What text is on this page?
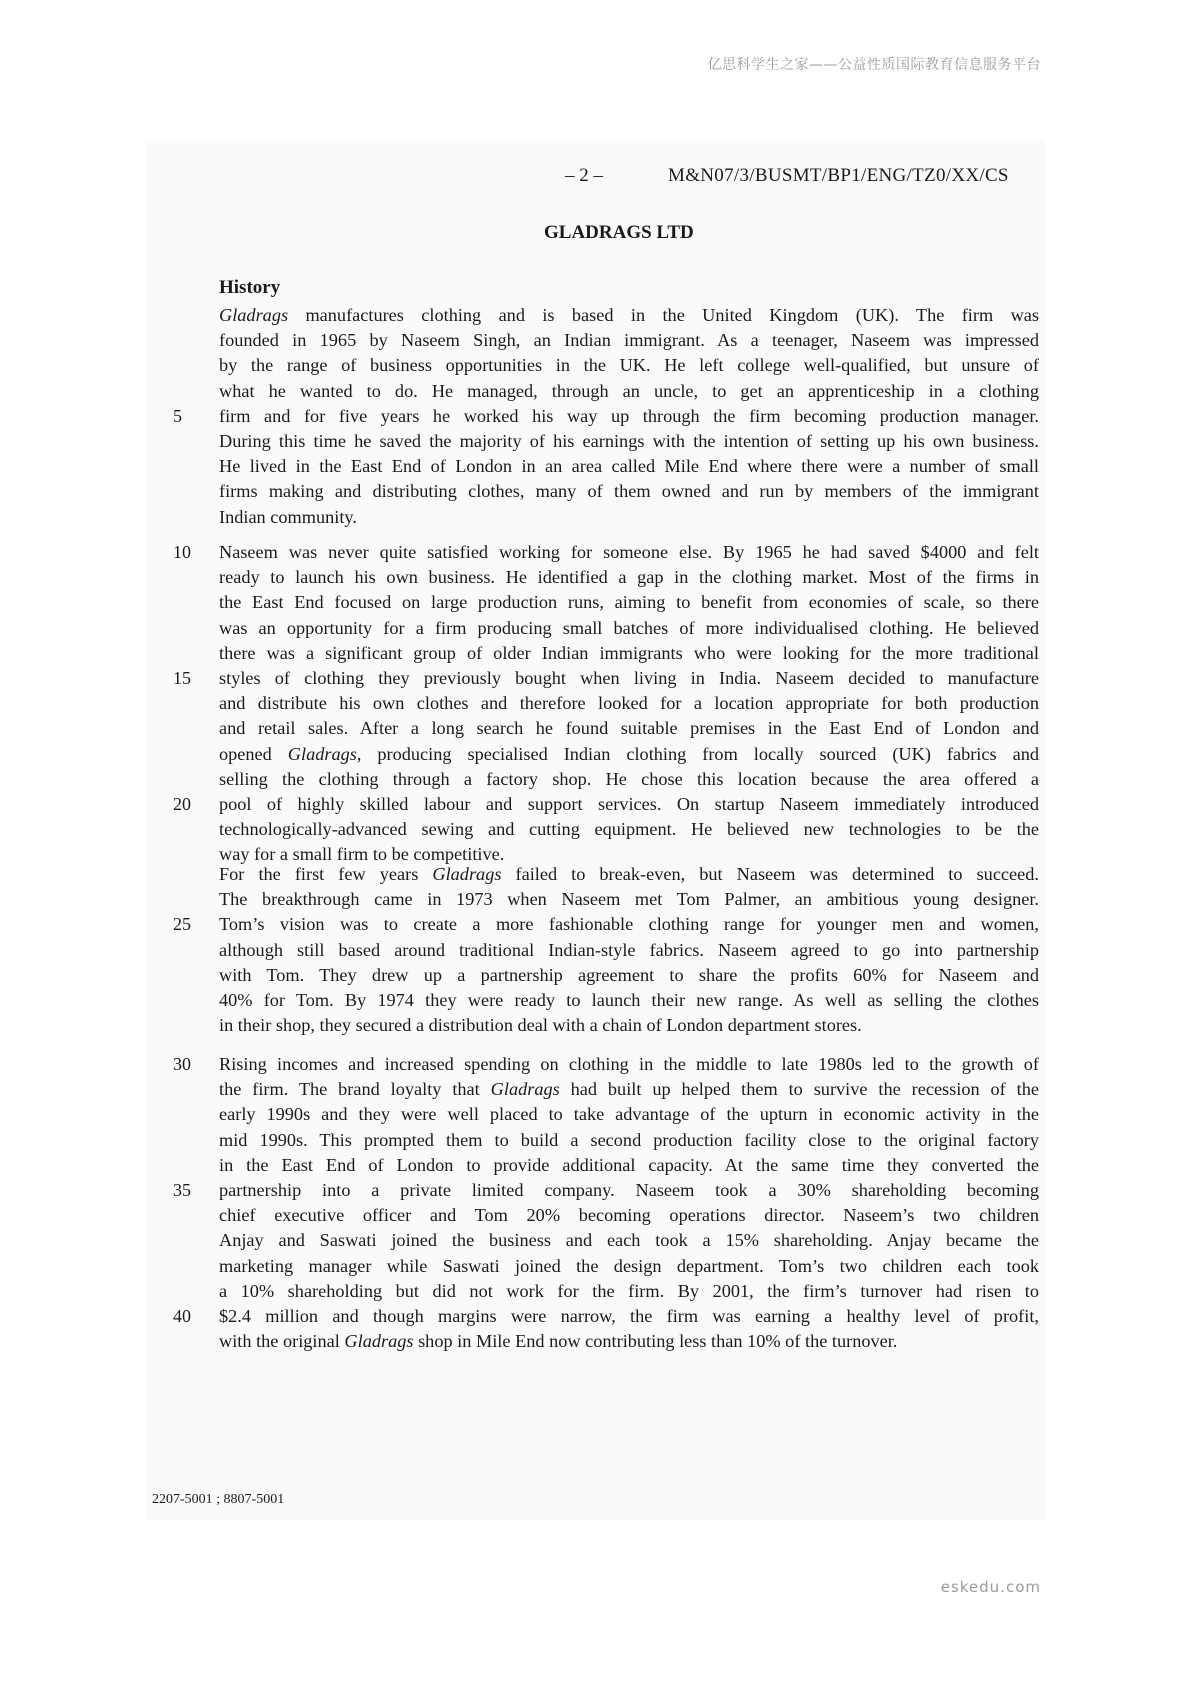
亿思科学生之家——公益性质国际教育信息服务平台
– 2 –	M&N07/3/BUSMT/BP1/ENG/TZ0/XX/CS
GLADRAGS LTD
History
Gladrags manufactures clothing and is based in the United Kingdom (UK). The firm was
founded in 1965 by Naseem Singh, an Indian immigrant. As a teenager, Naseem was impressed
by the range of business opportunities in the UK. He left college well-qualified, but unsure of
what he wanted to do. He managed, through an uncle, to get an apprenticeship in a clothing
firm and for five years he worked his way up through the firm becoming production manager.
5
During this time he saved the majority of his earnings with the intention of setting up his own business.
He lived in the East End of London in an area called Mile End where there were a number of small
firms making and distributing clothes, many of them owned and run by members of the immigrant
Indian community.
Naseem was never quite satisfied working for someone else. By 1965 he had saved $4000 and felt
10
ready to launch his own business. He identified a gap in the clothing market. Most of the firms in
the East End focused on large production runs, aiming to benefit from economies of scale, so there
was an opportunity for a firm producing small batches of more individualised clothing. He believed
there was a significant group of older Indian immigrants who were looking for the more traditional
styles of clothing they previously bought when living in India. Naseem decided to manufacture
15
and distribute his own clothes and therefore looked for a location appropriate for both production
and retail sales. After a long search he found suitable premises in the East End of London and
opened Gladrags, producing specialised Indian clothing from locally sourced (UK) fabrics and
selling the clothing through a factory shop. He chose this location because the area offered a
pool of highly skilled labour and support services. On startup Naseem immediately introduced
20
technologically-advanced sewing and cutting equipment. He believed new technologies to be the
way for a small firm to be competitive.
For the first few years Gladrags failed to break-even, but Naseem was determined to succeed.
The breakthrough came in 1973 when Naseem met Tom Palmer, an ambitious young designer.
Tom’s vision was to create a more fashionable clothing range for younger men and women,
25
although still based around traditional Indian-style fabrics. Naseem agreed to go into partnership
with Tom. They drew up a partnership agreement to share the profits 60% for Naseem and
40% for Tom. By 1974 they were ready to launch their new range. As well as selling the clothes
in their shop, they secured a distribution deal with a chain of London department stores.
Rising incomes and increased spending on clothing in the middle to late 1980s led to the growth of
30
the firm. The brand loyalty that Gladrags had built up helped them to survive the recession of the
early 1990s and they were well placed to take advantage of the upturn in economic activity in the
mid 1990s. This prompted them to build a second production facility close to the original factory
in the East End of London to provide additional capacity. At the same time they converted the
partnership into a private limited company. Naseem took a 30% shareholding becoming
35
chief executive officer and Tom 20% becoming operations director. Naseem’s two children
Anjay and Saswati joined the business and each took a 15% shareholding. Anjay became the
marketing manager while Saswati joined the design department. Tom’s two children each took
a 10% shareholding but did not work for the firm. By 2001, the firm’s turnover had risen to
$2.4 million and though margins were narrow, the firm was earning a healthy level of profit,
40
with the original Gladrags shop in Mile End now contributing less than 10% of the turnover.
2207-5001 ; 8807-5001
eskedu.com
